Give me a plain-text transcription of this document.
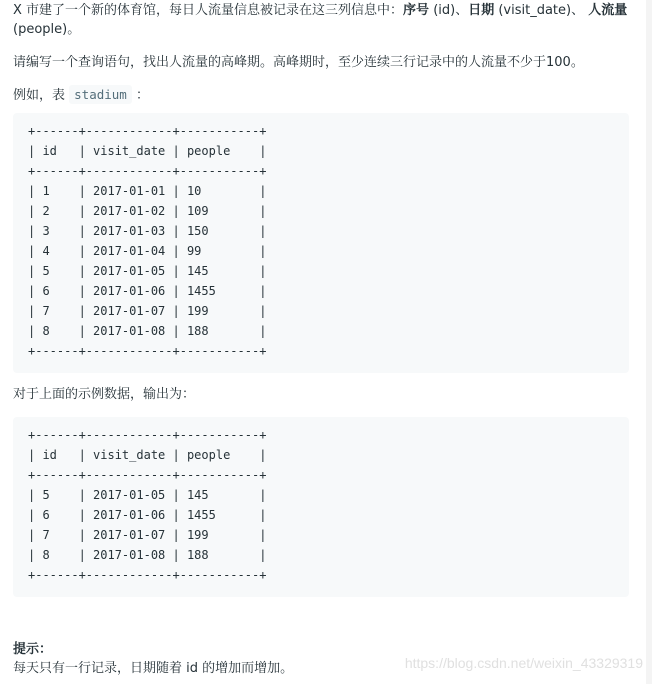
X 市建了一个新的体育馆，每日人流量信息被记录在这三列信息中：序号 (id)、日期 (visit_date)、 人流量 (people)。

请编写一个查询语句，找出人流量的高峰期。高峰期时，至少连续三行记录中的人流量不少于100。

例如，表 stadium ：

+------+------------+-----------+
| id   | visit_date | people    |
+------+------------+-----------+
| 1    | 2017-01-01 | 10        |
| 2    | 2017-01-02 | 109       |
| 3    | 2017-01-03 | 150       |
| 4    | 2017-01-04 | 99        |
| 5    | 2017-01-05 | 145       |
| 6    | 2017-01-06 | 1455      |
| 7    | 2017-01-07 | 199       |
| 8    | 2017-01-08 | 188       |
+------+------------+-----------+

对于上面的示例数据，输出为：

+------+------------+-----------+
| id   | visit_date | people    |
+------+------------+-----------+
| 5    | 2017-01-05 | 145       |
| 6    | 2017-01-06 | 1455      |
| 7    | 2017-01-07 | 199       |
| 8    | 2017-01-08 | 188       |
+------+------------+-----------+

提示：

每天只有一行记录，日期随着 id 的增加而增加。	https://blog.csdn.net/weixin_43329319
